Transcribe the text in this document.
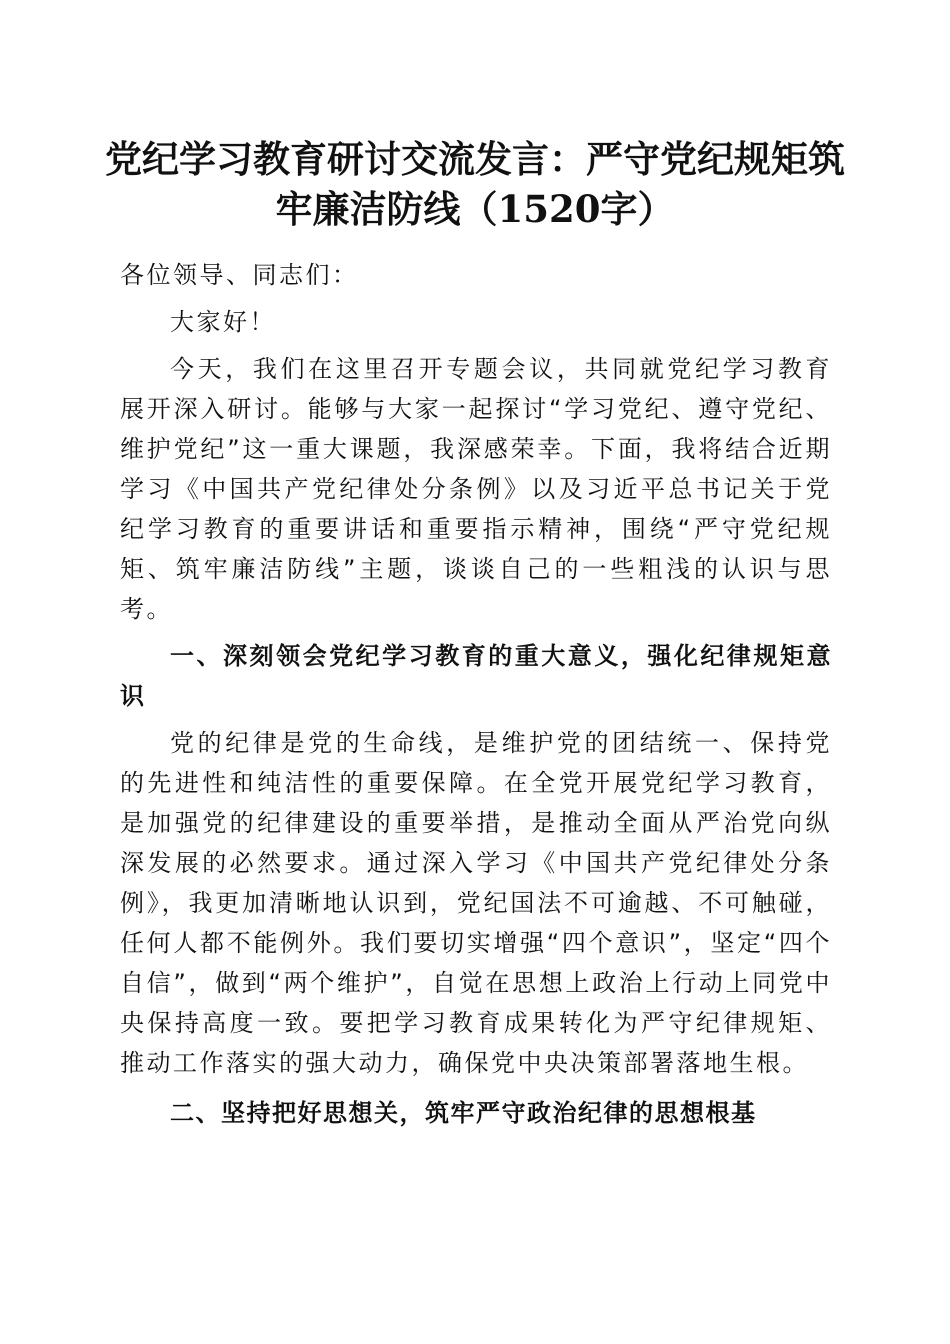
党纪学习教育研讨交流发言：严守党纪规矩筑牢廉洁防线（1520字）

各位领导、同志们：

大家好！

今天，我们在这里召开专题会议，共同就党纪学习教育展开深入研讨。能够与大家一起探讨“学习党纪、遵守党纪、维护党纪”这一重大课题，我深感荣幸。下面，我将结合近期学习《中国共产党纪律处分条例》以及习近平总书记关于党纪学习教育的重要讲话和重要指示精神，围绕“严守党纪规矩、筑牢廉洁防线”主题，谈谈自己的一些粗浅的认识与思考。

一、深刻领会党纪学习教育的重大意义，强化纪律规矩意识

党的纪律是党的生命线，是维护党的团结统一、保持党的先进性和纯洁性的重要保障。在全党开展党纪学习教育，是加强党的纪律建设的重要举措，是推动全面从严治党向纵深发展的必然要求。通过深入学习《中国共产党纪律处分条例》，我更加清晰地认识到，党纪国法不可逾越、不可触碰，任何人都不能例外。我们要切实增强“四个意识”，坚定“四个自信”，做到“两个维护”，自觉在思想上政治上行动上同党中央保持高度一致。要把学习教育成果转化为严守纪律规矩、推动工作落实的强大动力，确保党中央决策部署落地生根。

二、坚持把好思想关，筑牢严守政治纪律的思想根基
